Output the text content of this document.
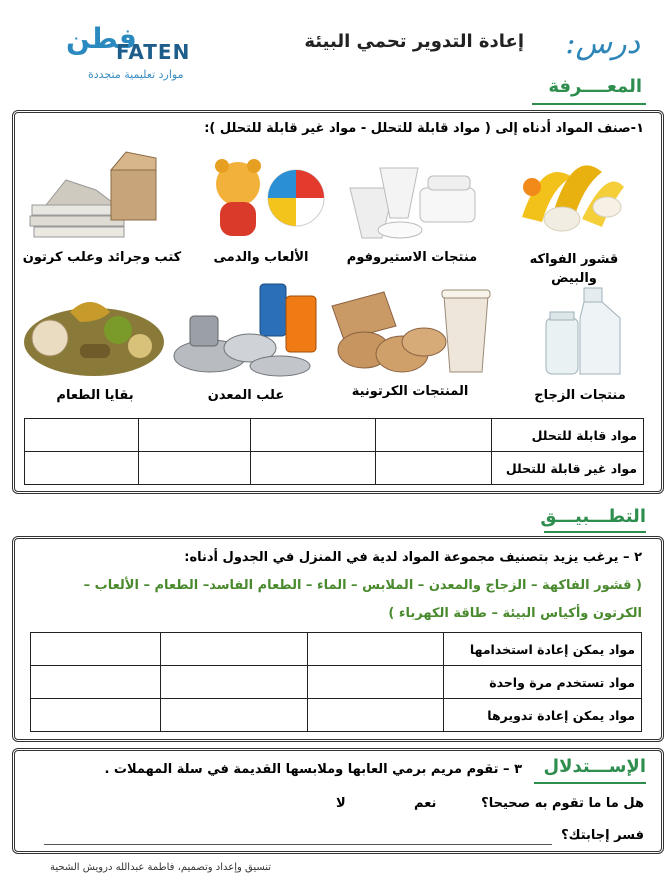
درس:
إعادة التدوير تحمي البيئة
فطن
FATEN
موارد تعليمية متجددة
المعــــرفة
١-صنف المواد أدناه إلى ( مواد قابلة للتحلل - مواد غير قابلة للتحلل ):
قشور الفواكه والبيض
منتجات الاستيروفوم
الألعاب والدمى
كتب وجرائد وعلب كرتون
منتجات الزجاج
المنتجات الكرتونية
علب المعدن
بقايا الطعام
مواد قابلة للتحلل				
مواد غير قابلة للتحلل				
التطـــبيـــق
٢ – يرغب يزيد بتصنيف مجموعة المواد لدية في المنزل في الجدول أدناه:
( قشور الفاكهة – الزجاج والمعدن – الملابس – الماء – الطعام الفاسد– الطعام – الألعاب –
الكرتون وأكياس البيئة – طاقة الكهرباء )
مواد يمكن إعادة استخدامها			
مواد تستخدم مرة واحدة			
مواد يمكن إعادة تدويرها			
الإســـتدلال
٣ – تقوم مريم برمي العابها وملابسها القديمة في سلة المهملات .
هل ما ما تقوم به صحيحا؟
نعم
لا
فسر إجابتك؟
تنسيق وإعداد وتصميم، فاطمة عبدالله درويش الشحية
